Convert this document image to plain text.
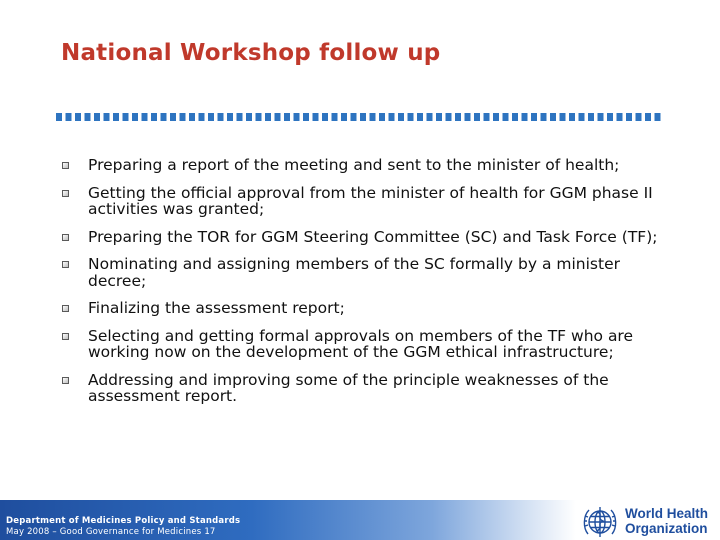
National Workshop follow up
Preparing a report of the meeting and sent to the minister of health;
Getting the official approval from the minister of health for GGM phase II activities was granted;
Preparing the TOR for GGM Steering Committee (SC) and Task Force (TF);
Nominating and assigning members of the SC formally by a minister decree;
Finalizing the assessment report;
Selecting and getting formal approvals on members of the TF who are working now on the development of the GGM ethical infrastructure;
Addressing and improving some of the principle weaknesses of the assessment report.
Department of Medicines Policy and Standards
May 2008 – Good Governance for Medicines 17
World Health
Organization
